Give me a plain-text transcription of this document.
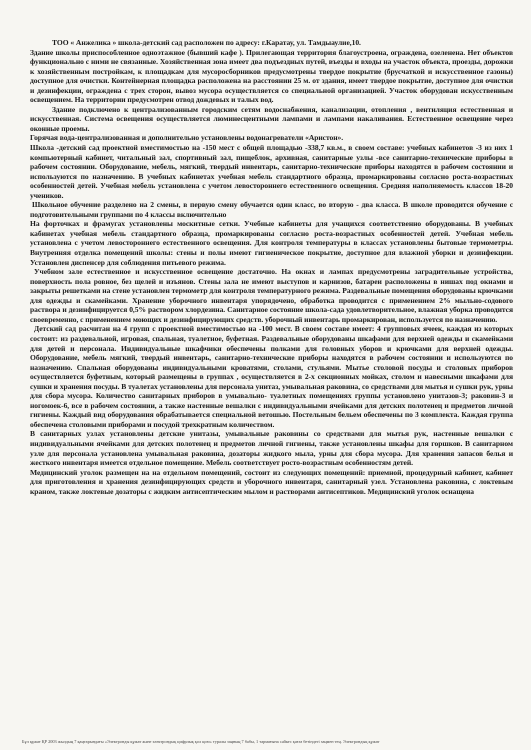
ТОО « Анжелика » школа-детский сад расположен по адресу: г.Каратау, ул. Тамдыаулие,10.

Здание школы приспособленное одноэтажное (бывший кафе ). Прилегающая территория благоустроена, ограждена, озеленена. Нет объектов функционально с ними не связанные. Хозяйственная зона имеет два подъездных путей, въезды и входы на участок объекта, проезды, дорожки к хозяйственным постройкам, к площадкам для мусоросборников предусмотрены твердое покрытие (брусчаткой и искусственное газоны) доступное для очистки. Контейнерная площадка расположена на расстоянии 25 м. от здания, имеет твердое покрытие, доступное для очистки и дезинфекции, ограждена с трех сторон, вывоз мусора осуществляется со специальной организацией. Участок оборудован искусственным освещением. На территории предусмотрен отвод дождевых и талых вод.

Здание подключено к централизованным городским сетям водоснабжения, канализации, отопления , вентиляция естественная и искусственная. Система освещения осуществляется люминесцентными лампами и лампами накаливания. Естественное освещение через оконные проемы.

Горячая вода-централизованная и дополнительно установлены водонагреватели «Аристон».

Школа -детский сад проектной вместимостью на -150 мест с общей площадью -338,7 кв.м., в своем составе: учебных кабинетов -3 из них 1 компьютерный кабинет, читальный зал, спортивный зал, пищеблок, архивная, санитарные узлы -все санитарно-технические приборы в рабочем состоянии. Оборудование, мебель, мягкий, твердый инвентарь, санитарно-технические приборы находятся в рабочем состоянии и используются по назначению. В учебных кабинетах учебная мебель стандартного образца, промаркированы согласно роста-возрастных особенностей детей. Учебная мебель установлена с учетом левостороннего естественного освещения. Средняя наполняемость классов 18-20 учеников.

Школьное обучение разделено на 2 смены, в первую смену обучается один класс, во вторую - два класса. В школе проводится обучение с подготовительными группами по 4 классы включительно

На форточках и фрамугах установлены москитные сетки. Учебные кабинеты для учащихся соответственно оборудованы. В учебных кабинетах учебная мебель стандартного образца, промаркированы согласно роста-возрастных особенностей детей. Учебная мебель установлена с учетом левостороннего естественного освещения. Для контроля температуры в классах установлены бытовые термометры. Внутренняя отделка помещений школы: стены и полы имеют гигиеническое покрытие, доступное для влажной уборки и дезинфекции. Установлен диспенсер для соблюдения питьевого режима.

Учебном зале естественное и искусственное освещение достаточно. На окнах и лампах предусмотрены заградительные устройства, поверхность пола ровное, без щелей и изъянов. Стены зала не имеют выступов и карнизов, батареи расположены в нишах под окнами и закрыты решетками на стене установлен термометр для контроля температурного режима. Раздевальные помещения оборудованы крючками для одежды и скамейками. Хранение уборочного инвентаря упорядочено, обработка проводится с применением 2% мыльно-содового раствора и дезинфицируется 0,5% раствором хлордезина. Санитарное состояние школа-сада удовлетворительное, влажная уборка проводится своевременно, с применением моющих и дезинфицирующих средств. уборочный инвентарь промаркирован, используется по назначению.

Детский сад расчитан на 4 групп с проектной вместимостью на -100 мест. В своем составе имеет: 4 групповых ячеек, каждая из которых состоит: из раздевальной, игровая, спальная, туалетное, буфетная. Раздевальные оборудованы шкафами для верхней одежды и скамейками для детей и персонала. Индивидуальные шкафчики обеспечены полками для головных уборов и крючками для верхней одежды. Оборудование, мебель мягкий, твердый инвентарь, санитарно-технические приборы находятся в рабочем состоянии и используются по назначению. Спальная оборудованы индивидуальными кроватями, столами, стульями. Мытье столовой посуды и столовых приборов осуществляется буфетным, который размещены в группах , осуществляется в 2-х секционных мойках, столом и навесными шкафами для сушки и хранения посуды. В туалетах установлены для персонала унитаз, умывальная раковина, со средствами для мытья и сушки рук, урны для сбора мусора. Количество санитарных приборов в умывально- туалетных помещениях группы установлено унитазов-3; раковин-3 и ногомоек-6, все в рабочем состоянии, а также настенные вешалки с индивидуальными ячейками для детских полотенец и предметов личной гигиены. Каждый вид оборудования обрабатывается специальной ветошью. Постельным бельем обеспечены по 3 комплекта. Каждая группа обеспечена столовыми приборами и посудой трехкратным количеством.

В санитарных узлах установлены детские унитазы, умывальные раковины со средствами для мытья рук, настенные вешалки с индивидуальными ячейками для детских полотенец и предметов личной гигиены, также установлены шкафы для горшков. В санитарном узле для персонала установлена умывальная раковина, дозаторы жидкого мыла, урны для сбора мусора. Для хранения запасов белья и жесткого инвентаря имеется отдельное помещение. Мебель соответствует росто-возрастным особенностям детей.

Медицинский уголок размещен на на отдельном помещений, состоит из следующих помещений: приемной, процедурный кабинет, кабинет для приготовления и хранения дезинфицирующих средств и уборочного инвентаря, санитарный узел. Установлена раковина, с локтевым краном, также локтевые дозаторы с жидким антисептическим мылом и растворами антисептиков. Медицинский уголок оснащена

Бұл құжат ҚР 2003 жылдың 7 қаңтарындағы «Электронды құжат және электрондық цифрлық қол қою» туралы заңның 7 бабы, 1 тармағына сәйкес қағаз бетіндегі заңмен тең. Электрондық құжат
